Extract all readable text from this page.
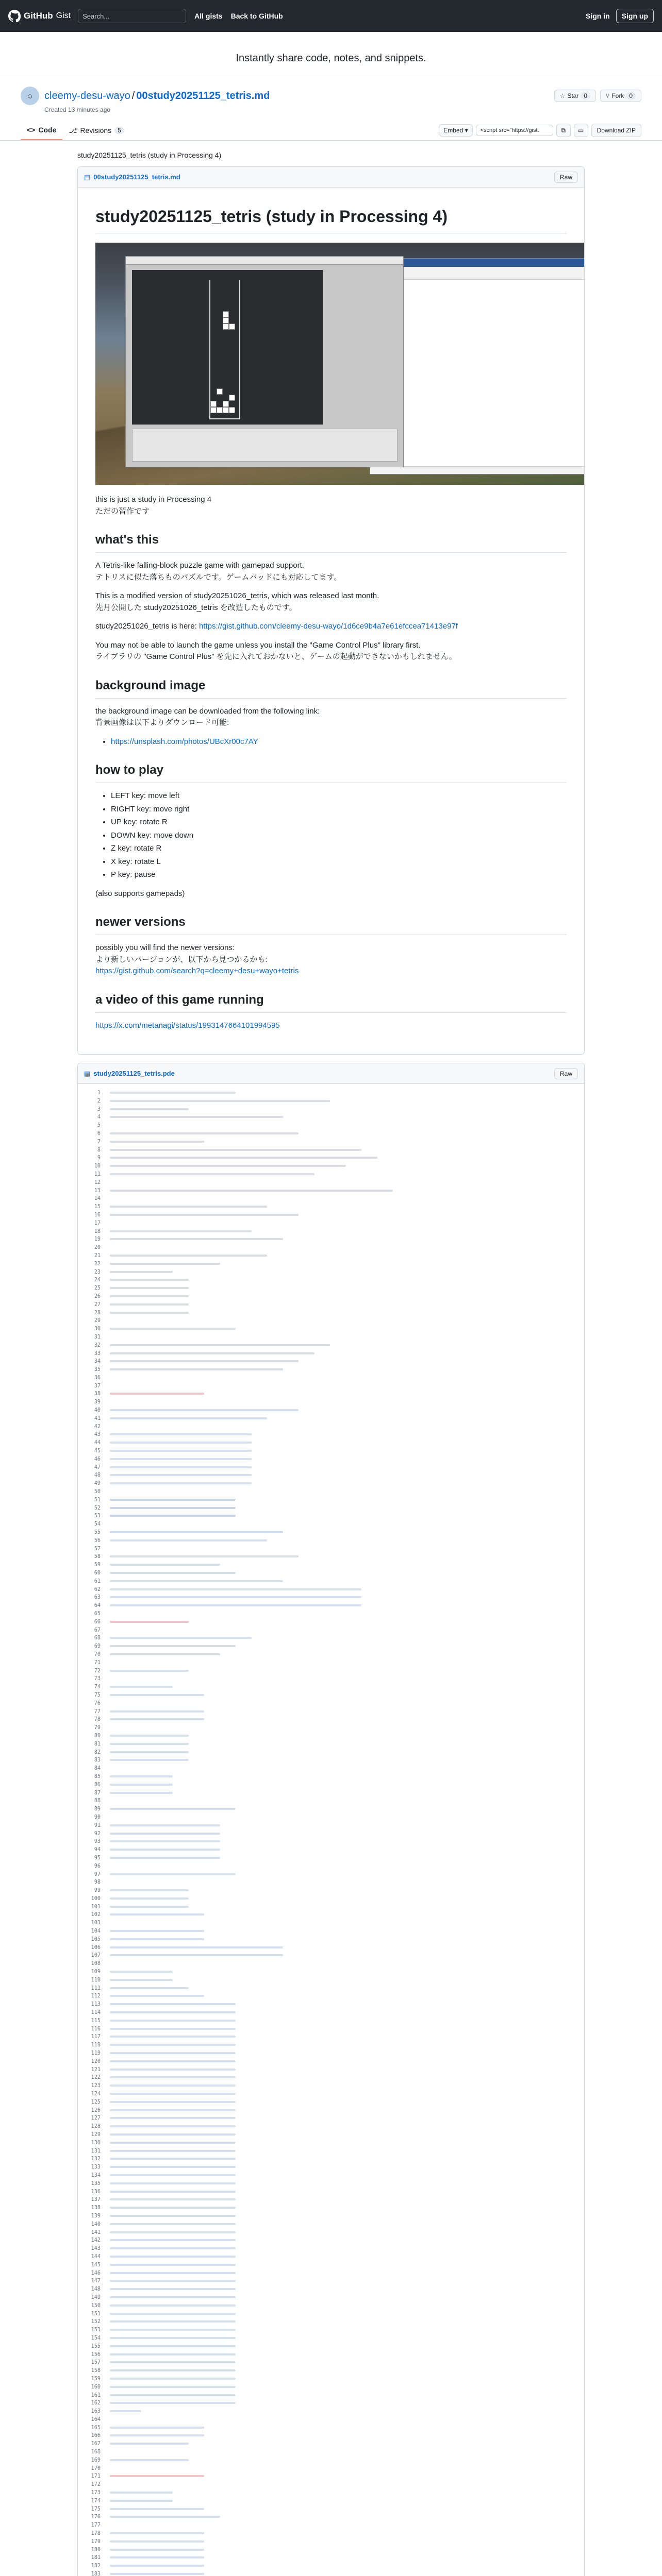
GitHub Gist Search...	All gists Back to GitHub	Sign in	Sign up
Instantly share code, notes, and snippets.
☺	cleemy-desu-wayo / 00study20251125_tetris.md	☆ Star 0	⑂ Fork 0
Created 13 minutes ago
<> Code ⎇ Revisions	5	Embed ▾	<script src="https://gist.	⧉ ▭	Download ZIP
study20251125_tetris (study in Processing 4)
▤ 00study20251125_tetris.md	Raw
study20251125_tetris (study in Processing 4)

this is just a study in Processing 4
ただの習作です

what's this

A Tetris-like falling-block puzzle game with gamepad support.
テトリスに似た落ちものパズルです。ゲームパッドにも対応してます。

This is a modified version of study20251026_tetris, which was released last month.
先月公開した study20251026_tetris を改造したものです。

study20251026_tetris is here: https://gist.github.com/cleemy-desu-wayo/1d6ce9b4a7e61efccea71413e97f

You may not be able to launch the game unless you install the "Game Control Plus" library first.
ライブラリの "Game Control Plus" を先に入れておかないと、ゲームの起動ができないかもしれません。

background image

the background image can be downloaded from the following link:
背景画像は以下よりダウンロード可能:

• https://unsplash.com/photos/UBcXr00c7AY
how to play
• LEFT key: move left
• RIGHT key: move right
• UP key: rotate R
• DOWN key: move down
• Z key: rotate R
• X key: rotate L
• P key: pause

(also supports gamepads)

newer versions

possibly you will find the newer versions:
より新しいバージョンが、以下から見つかるかも:
https://gist.github.com/search?q=cleemy+desu+wayo+tetris

a video of this game running

https://x.com/metanagi/status/1993147664101994595

▤ study20251125_tetris.pde	Raw
1	
2	
3	
4	
5	
6	
7	
8	
9	
10	
11	
12	
13	
14	
15	
16	
17	
18	
19	
20	
21	
22	
23	
24	
25	
26	
27	
28	
29	
30	
31	
32	
33	
34	
35	
36	
37	
38	
39	
40	
41	
42	
43	
44	
45	
46	
47	
48	
49	
50	
51	
52	
53	
54	
55	
56	
57	
58	
59	
60	
61	
62	
63	
64	
65	
66	
67	
68	
69	
70	
71	
72	
73	
74	
75	
76	
77	
78	
79	
80	
81	
82	
83	
84	
85	
86	
87	
88	
89	
90	
91	
92	
93	
94	
95	
96	
97	
98	
99	
100	
101	
102	
103	
104	
105	
106	
107	
108	
109	
110	
111	
112	
113	
114	
115	
116	
117	
118	
119	
120	
121	
122	
123	
124	
125	
126	
127	
128	
129	
130	
131	
132	
133	
134	
135	
136	
137	
138	
139	
140	
141	
142	
143	
144	
145	
146	
147	
148	
149	
150	
151	
152	
153	
154	
155	
156	
157	
158	
159	
160	
161	
162	
163	
164	
165	
166	
167	
168	
169	
170	
171	
172	
173	
174	
175	
176	
177	
178	
179	
180	
181	
182	
183	
